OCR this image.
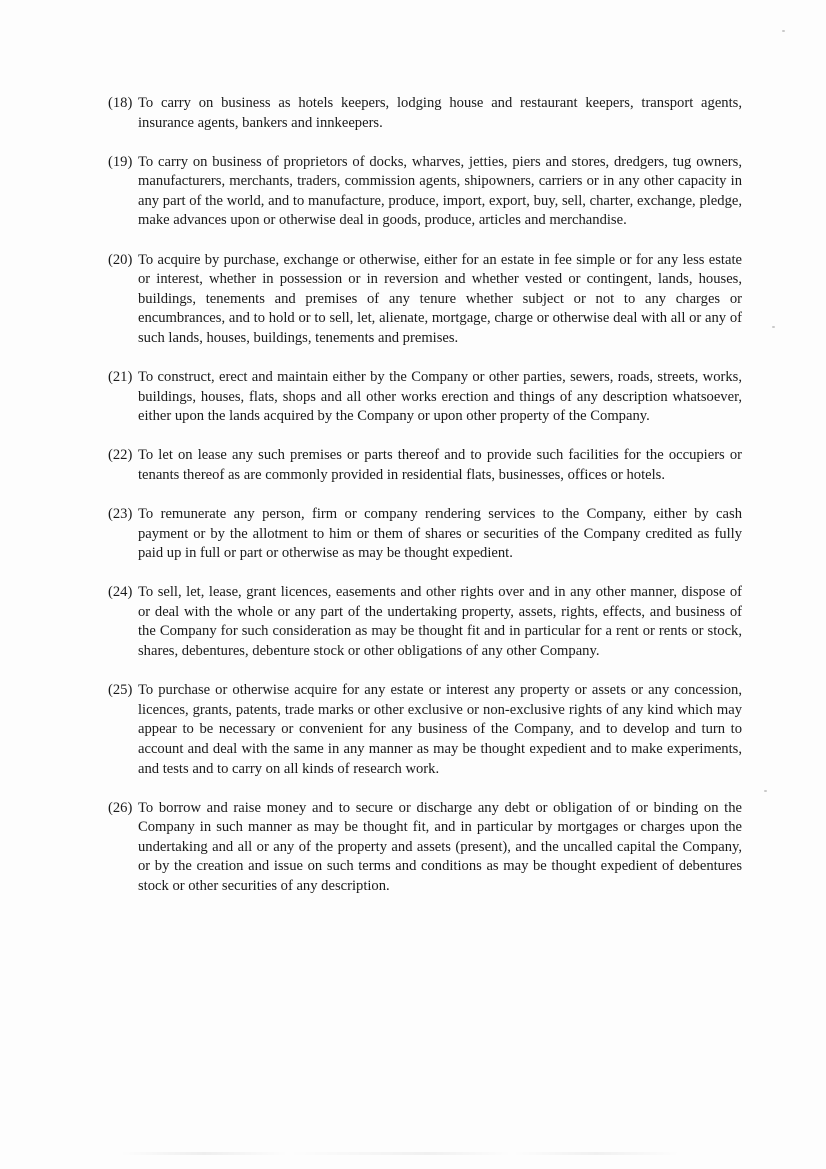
(18) To carry on business as hotels keepers, lodging house and restaurant keepers, transport agents, insurance agents, bankers and innkeepers.
(19) To carry on business of proprietors of docks, wharves, jetties, piers and stores, dredgers, tug owners, manufacturers, merchants, traders, commission agents, shipowners, carriers or in any other capacity in any part of the world, and to manufacture, produce, import, export, buy, sell, charter, exchange, pledge, make advances upon or otherwise deal in goods, produce, articles and merchandise.
(20) To acquire by purchase, exchange or otherwise, either for an estate in fee simple or for any less estate or interest, whether in possession or in reversion and whether vested or contingent, lands, houses, buildings, tenements and premises of any tenure whether subject or not to any charges or encumbrances, and to hold or to sell, let, alienate, mortgage, charge or otherwise deal with all or any of such lands, houses, buildings, tenements and premises.
(21) To construct, erect and maintain either by the Company or other parties, sewers, roads, streets, works, buildings, houses, flats, shops and all other works erection and things of any description whatsoever, either upon the lands acquired by the Company or upon other property of the Company.
(22) To let on lease any such premises or parts thereof and to provide such facilities for the occupiers or tenants thereof as are commonly provided in residential flats, businesses, offices or hotels.
(23) To remunerate any person, firm or company rendering services to the Company, either by cash payment or by the allotment to him or them of shares or securities of the Company credited as fully paid up in full or part or otherwise as may be thought expedient.
(24) To sell, let, lease, grant licences, easements and other rights over and in any other manner, dispose of or deal with the whole or any part of the undertaking property, assets, rights, effects, and business of the Company for such consideration as may be thought fit and in particular for a rent or rents or stock, shares, debentures, debenture stock or other obligations of any other Company.
(25) To purchase or otherwise acquire for any estate or interest any property or assets or any concession, licences, grants, patents, trade marks or other exclusive or non-exclusive rights of any kind which may appear to be necessary or convenient for any business of the Company, and to develop and turn to account and deal with the same in any manner as may be thought expedient and to make experiments, and tests and to carry on all kinds of research work.
(26) To borrow and raise money and to secure or discharge any debt or obligation of or binding on the Company in such manner as may be thought fit, and in particular by mortgages or charges upon the undertaking and all or any of the property and assets (present), and the uncalled capital the Company, or by the creation and issue on such terms and conditions as may be thought expedient of debentures stock or other securities of any description.
